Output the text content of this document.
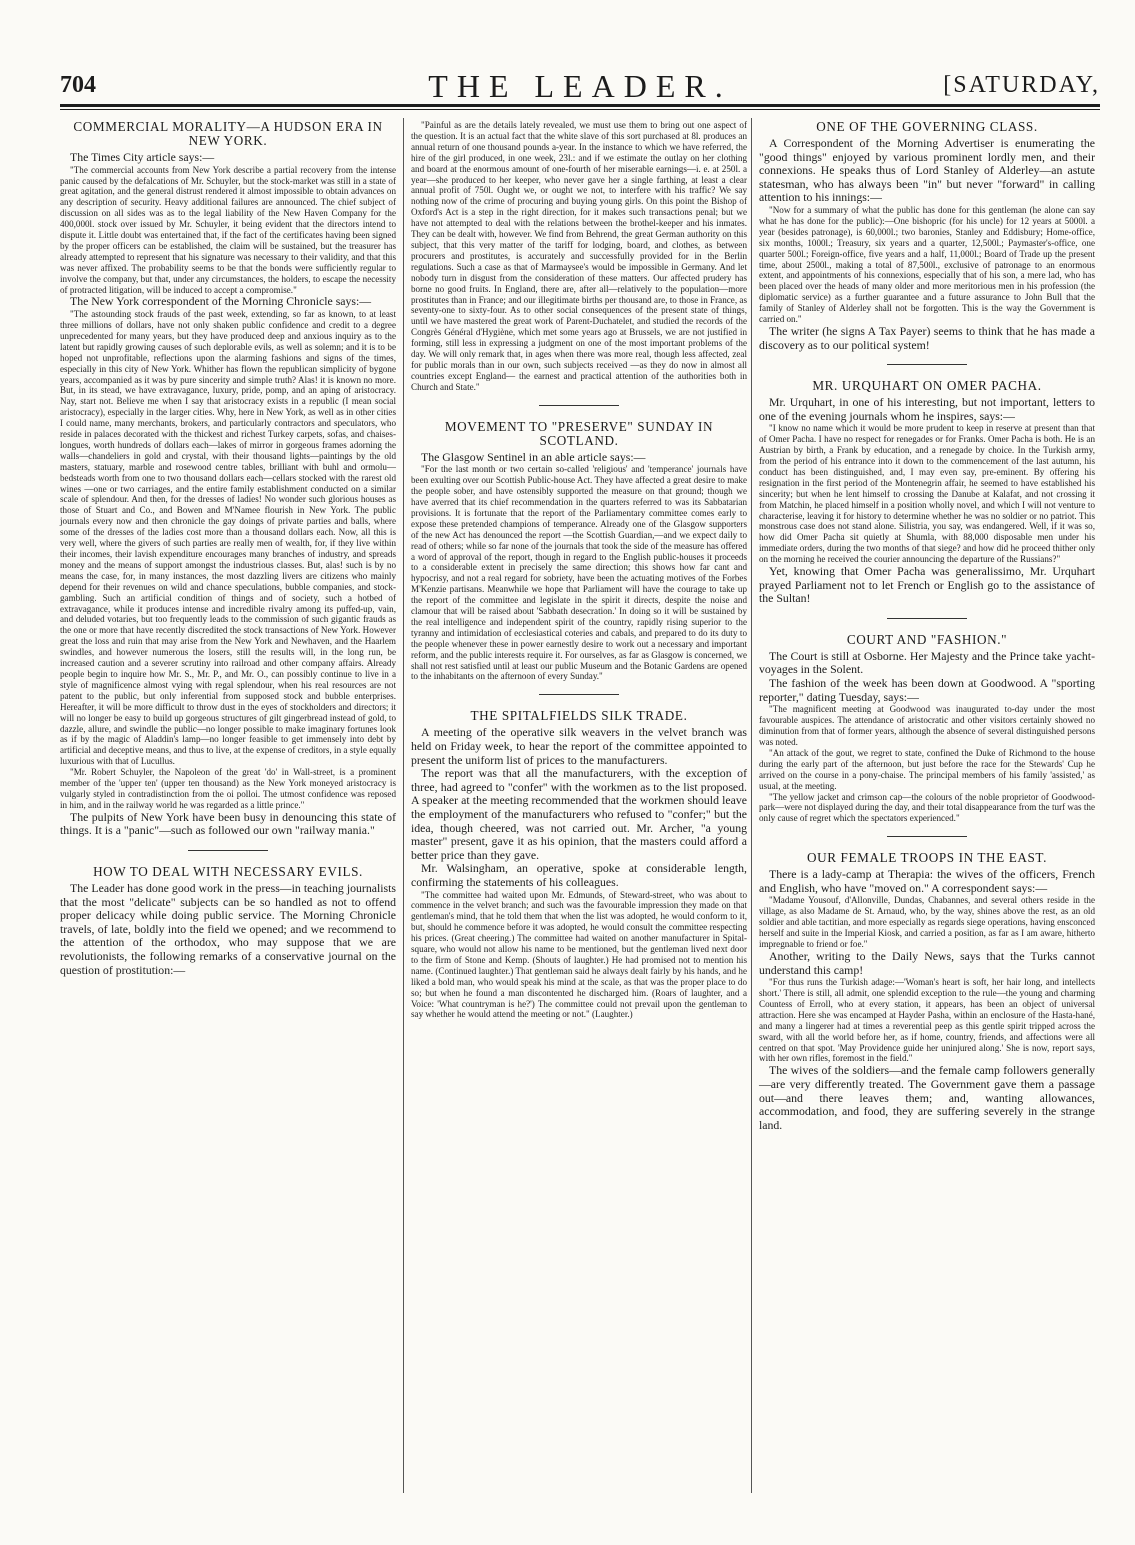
704	THE LEADER.	[SATURDAY,
COMMERCIAL MORALITY—A HUDSON ERA IN NEW YORK.

The Times City article says:—

"The commercial accounts from New York describe a partial recovery from the intense panic caused by the defalcations of Mr. Schuyler, but the stock-market was still in a state of great agitation, and the general distrust rendered it almost impossible to obtain advances on any description of security. Heavy additional failures are announced. The chief subject of discussion on all sides was as to the legal liability of the New Haven Company for the 400,000l. stock over issued by Mr. Schuyler, it being evident that the directors intend to dispute it. Little doubt was entertained that, if the fact of the certificates having been signed by the proper officers can be established, the claim will be sustained, but the treasurer has already attempted to represent that his signature was necessary to their validity, and that this was never affixed. The probability seems to be that the bonds were sufficiently regular to involve the company, but that, under any circumstances, the holders, to escape the necessity of protracted litigation, will be induced to accept a compromise."

The New York correspondent of the Morning Chronicle says:—

"The astounding stock frauds of the past week, extending, so far as known, to at least three millions of dollars, have not only shaken public confidence and credit to a degree unprecedented for many years, but they have produced deep and anxious inquiry as to the latent but rapidly growing causes of such deplorable evils, as well as solemn; and it is to be hoped not unprofitable, reflections upon the alarming fashions and signs of the times, especially in this city of New York. Whither has flown the republican simplicity of bygone years, accompanied as it was by pure sincerity and simple truth? Alas! it is known no more. But, in its stead, we have extravagance, luxury, pride, pomp, and an aping of aristocracy. Nay, start not. Believe me when I say that aristocracy exists in a republic (I mean social aristocracy), especially in the larger cities. Why, here in New York, as well as in other cities I could name, many merchants, brokers, and particularly contractors and speculators, who reside in palaces decorated with the thickest and richest Turkey carpets, sofas, and chaises-longues, worth hundreds of dollars each—lakes of mirror in gorgeous frames adorning the walls—chandeliers in gold and crystal, with their thousand lights—paintings by the old masters, statuary, marble and rosewood centre tables, brilliant with buhl and ormolu—bedsteads worth from one to two thousand dollars each—cellars stocked with the rarest old wines —one or two carriages, and the entire family establishment conducted on a similar scale of splendour. And then, for the dresses of ladies! No wonder such glorious houses as those of Stuart and Co., and Bowen and M'Namee flourish in New York. The public journals every now and then chronicle the gay doings of private parties and balls, where some of the dresses of the ladies cost more than a thousand dollars each. Now, all this is very well, where the givers of such parties are really men of wealth, for, if they live within their incomes, their lavish expenditure encourages many branches of industry, and spreads money and the means of support amongst the industrious classes. But, alas! such is by no means the case, for, in many instances, the most dazzling livers are citizens who mainly depend for their revenues on wild and chance speculations, bubble companies, and stock-gambling. Such an artificial condition of things and of society, such a hotbed of extravagance, while it produces intense and incredible rivalry among its puffed-up, vain, and deluded votaries, but too frequently leads to the commission of such gigantic frauds as the one or more that have recently discredited the stock transactions of New York. However great the loss and ruin that may arise from the New York and Newhaven, and the Haarlem swindles, and however numerous the losers, still the results will, in the long run, be increased caution and a severer scrutiny into railroad and other company affairs. Already people begin to inquire how Mr. S., Mr. P., and Mr. O., can possibly continue to live in a style of magnificence almost vying with regal splendour, when his real resources are not patent to the public, but only inferential from supposed stock and bubble enterprises. Hereafter, it will be more difficult to throw dust in the eyes of stockholders and directors; it will no longer be easy to build up gorgeous structures of gilt gingerbread instead of gold, to dazzle, allure, and swindle the public—no longer possible to make imaginary fortunes look as if by the magic of Aladdin's lamp—no longer feasible to get immensely into debt by artificial and deceptive means, and thus to live, at the expense of creditors, in a style equally luxurious with that of Lucullus.

"Mr. Robert Schuyler, the Napoleon of the great 'do' in Wall-street, is a prominent member of the 'upper ten' (upper ten thousand) as the New York moneyed aristocracy is vulgarly styled in contradistinction from the oi polloi. The utmost confidence was reposed in him, and in the railway world he was regarded as a little prince."

The pulpits of New York have been busy in denouncing this state of things. It is a "panic"—such as followed our own "railway mania."

HOW TO DEAL WITH NECESSARY EVILS.

The Leader has done good work in the press—in teaching journalists that the most "delicate" subjects can be so handled as not to offend proper delicacy while doing public service. The Morning Chronicle travels, of late, boldly into the field we opened; and we recommend to the attention of the orthodox, who may suppose that we are revolutionists, the following remarks of a conservative journal on the question of prostitution:—

"Painful as are the details lately revealed, we must use them to bring out one aspect of the question. It is an actual fact that the white slave of this sort purchased at 8l. produces an annual return of one thousand pounds a-year. In the instance to which we have referred, the hire of the girl produced, in one week, 23l.: and if we estimate the outlay on her clothing and board at the enormous amount of one-fourth of her miserable earnings—i. e. at 250l. a year—she produced to her keeper, who never gave her a single farthing, at least a clear annual profit of 750l. Ought we, or ought we not, to interfere with his traffic? We say nothing now of the crime of procuring and buying young girls. On this point the Bishop of Oxford's Act is a step in the right direction, for it makes such transactions penal; but we have not attempted to deal with the relations between the brothel-keeper and his inmates. They can be dealt with, however. We find from Behrend, the great German authority on this subject, that this very matter of the tariff for lodging, board, and clothes, as between procurers and prostitutes, is accurately and successfully provided for in the Berlin regulations. Such a case as that of Marmaysee's would be impossible in Germany. And let nobody turn in disgust from the consideration of these matters. Our affected prudery has borne no good fruits. In England, there are, after all—relatively to the population—more prostitutes than in France; and our illegitimate births per thousand are, to those in France, as seventy-one to sixty-four. As to other social consequences of the present state of things, until we have mastered the great work of Parent-Duchatelet, and studied the records of the Congrès Général d'Hygiène, which met some years ago at Brussels, we are not justified in forming, still less in expressing a judgment on one of the most important problems of the day. We will only remark that, in ages when there was more real, though less affected, zeal for public morals than in our own, such subjects received —as they do now in almost all countries except England— the earnest and practical attention of the authorities both in Church and State."

MOVEMENT TO "PRESERVE" SUNDAY IN SCOTLAND.

The Glasgow Sentinel in an able article says:—

"For the last month or two certain so-called 'religious' and 'temperance' journals have been exulting over our Scottish Public-house Act. They have affected a great desire to make the people sober, and have ostensibly supported the measure on that ground; though we have averred that its chief recommendation in the quarters referred to was its Sabbatarian provisions. It is fortunate that the report of the Parliamentary committee comes early to expose these pretended champions of temperance. Already one of the Glasgow supporters of the new Act has denounced the report —the Scottish Guardian,—and we expect daily to read of others; while so far none of the journals that took the side of the measure has offered a word of approval of the report, though in regard to the English public-houses it proceeds to a considerable extent in precisely the same direction; this shows how far cant and hypocrisy, and not a real regard for sobriety, have been the actuating motives of the Forbes M'Kenzie partisans. Meanwhile we hope that Parliament will have the courage to take up the report of the committee and legislate in the spirit it directs, despite the noise and clamour that will be raised about 'Sabbath desecration.' In doing so it will be sustained by the real intelligence and independent spirit of the country, rapidly rising superior to the tyranny and intimidation of ecclesiastical coteries and cabals, and prepared to do its duty to the people whenever these in power earnestly desire to work out a necessary and important reform, and the public interests require it. For ourselves, as far as Glasgow is concerned, we shall not rest satisfied until at least our public Museum and the Botanic Gardens are opened to the inhabitants on the afternoon of every Sunday."

THE SPITALFIELDS SILK TRADE.

A meeting of the operative silk weavers in the velvet branch was held on Friday week, to hear the report of the committee appointed to present the uniform list of prices to the manufacturers.

The report was that all the manufacturers, with the exception of three, had agreed to "confer" with the workmen as to the list proposed. A speaker at the meeting recommended that the workmen should leave the employment of the manufacturers who refused to "confer;" but the idea, though cheered, was not carried out. Mr. Archer, "a young master" present, gave it as his opinion, that the masters could afford a better price than they gave.

Mr. Walsingham, an operative, spoke at considerable length, confirming the statements of his colleagues.

"The committee had waited upon Mr. Edmunds, of Steward-street, who was about to commence in the velvet branch; and such was the favourable impression they made on that gentleman's mind, that he told them that when the list was adopted, he would conform to it, but, should he commence before it was adopted, he would consult the committee respecting his prices. (Great cheering.) The committee had waited on another manufacturer in Spital-square, who would not allow his name to be mentioned, but the gentleman lived next door to the firm of Stone and Kemp. (Shouts of laughter.) He had promised not to mention his name. (Continued laughter.) That gentleman said he always dealt fairly by his hands, and he liked a bold man, who would speak his mind at the scale, as that was the proper place to do so; but when he found a man discontented he discharged him. (Roars of laughter, and a Voice: 'What countryman is he?') The committee could not prevail upon the gentleman to say whether he would attend the meeting or not." (Laughter.)

ONE OF THE GOVERNING CLASS.

A Correspondent of the Morning Advertiser is enumerating the "good things" enjoyed by various prominent lordly men, and their connexions. He speaks thus of Lord Stanley of Alderley—an astute statesman, who has always been "in" but never "forward" in calling attention to his innings:—

"Now for a summary of what the public has done for this gentleman (he alone can say what he has done for the public):—One bishopric (for his uncle) for 12 years at 5000l. a year (besides patronage), is 60,000l.; two baronies, Stanley and Eddisbury; Home-office, six months, 1000l.; Treasury, six years and a quarter, 12,500l.; Paymaster's-office, one quarter 500l.; Foreign-office, five years and a half, 11,000l.; Board of Trade up the present time, about 2500l., making a total of 87,500l., exclusive of patronage to an enormous extent, and appointments of his connexions, especially that of his son, a mere lad, who has been placed over the heads of many older and more meritorious men in his profession (the diplomatic service) as a further guarantee and a future assurance to John Bull that the family of Stanley of Alderley shall not be forgotten. This is the way the Government is carried on."

The writer (he signs A Tax Payer) seems to think that he has made a discovery as to our political system!

MR. URQUHART ON OMER PACHA.

Mr. Urquhart, in one of his interesting, but not important, letters to one of the evening journals whom he inspires, says:—

"I know no name which it would be more prudent to keep in reserve at present than that of Omer Pacha. I have no respect for renegades or for Franks. Omer Pacha is both. He is an Austrian by birth, a Frank by education, and a renegade by choice. In the Turkish army, from the period of his entrance into it down to the commencement of the last autumn, his conduct has been distinguished, and, I may even say, pre-eminent. By offering his resignation in the first period of the Montenegrin affair, he seemed to have established his sincerity; but when he lent himself to crossing the Danube at Kalafat, and not crossing it from Matchin, he placed himself in a position wholly novel, and which I will not venture to characterise, leaving it for history to determine whether he was no soldier or no patriot. This monstrous case does not stand alone. Silistria, you say, was endangered. Well, if it was so, how did Omer Pacha sit quietly at Shumla, with 88,000 disposable men under his immediate orders, during the two months of that siege? and how did he proceed thither only on the morning he received the courier announcing the departure of the Russians?"

Yet, knowing that Omer Pacha was generalissimo, Mr. Urquhart prayed Parliament not to let French or English go to the assistance of the Sultan!

COURT AND "FASHION."

The Court is still at Osborne. Her Majesty and the Prince take yacht-voyages in the Solent.

The fashion of the week has been down at Goodwood. A "sporting reporter," dating Tuesday, says:—

"The magnificent meeting at Goodwood was inaugurated to-day under the most favourable auspices. The attendance of aristocratic and other visitors certainly showed no diminution from that of former years, although the absence of several distinguished persons was noted.

"An attack of the gout, we regret to state, confined the Duke of Richmond to the house during the early part of the afternoon, but just before the race for the Stewards' Cup he arrived on the course in a pony-chaise. The principal members of his family 'assisted,' as usual, at the meeting.

"The yellow jacket and crimson cap—the colours of the noble proprietor of Goodwood-park—were not displayed during the day, and their total disappearance from the turf was the only cause of regret which the spectators experienced."

OUR FEMALE TROOPS IN THE EAST.

There is a lady-camp at Therapia: the wives of the officers, French and English, who have "moved on." A correspondent says:—

"Madame Yousouf, d'Allonville, Dundas, Chabannes, and several others reside in the village, as also Madame de St. Arnaud, who, by the way, shines above the rest, as an old soldier and able tactitian, and more especially as regards siege operations, having ensconced herself and suite in the Imperial Kiosk, and carried a position, as far as I am aware, hitherto impregnable to friend or foe."

Another, writing to the Daily News, says that the Turks cannot understand this camp!

"For thus runs the Turkish adage:—'Woman's heart is soft, her hair long, and intellects short.' There is still, all admit, one splendid exception to the rule—the young and charming Countess of Erroll, who at every station, it appears, has been an object of universal attraction. Here she was encamped at Hayder Pasha, within an enclosure of the Hasta-hané, and many a lingerer had at times a reverential peep as this gentle spirit tripped across the sward, with all the world before her, as if home, country, friends, and affections were all centred on that spot. 'May Providence guide her uninjured along.' She is now, report says, with her own rifles, foremost in the field."

The wives of the soldiers—and the female camp followers generally—are very differently treated. The Government gave them a passage out—and there leaves them; and, wanting allowances, accommodation, and food, they are suffering severely in the strange land.
